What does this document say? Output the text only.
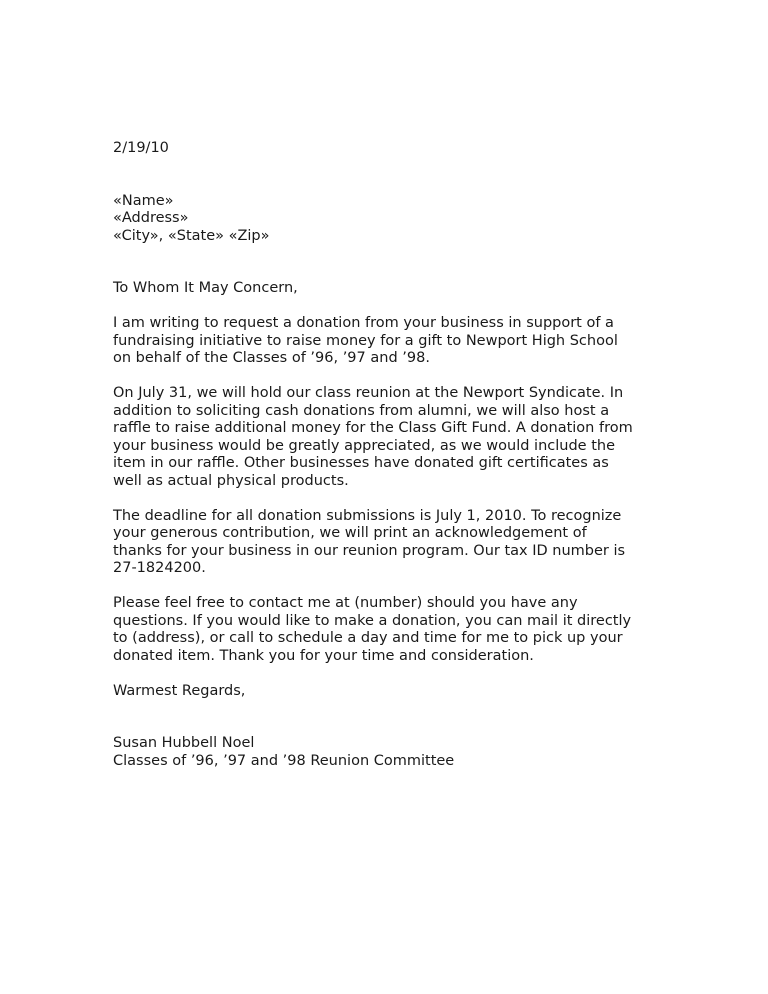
2/19/10
«Name»
«Address»
«City», «State» «Zip»
To Whom It May Concern,
I am writing to request a donation from your business in support of a
fundraising initiative to raise money for a gift to Newport High School
on behalf of the Classes of ’96, ’97 and ’98.
On July 31, we will hold our class reunion at the Newport Syndicate. In
addition to soliciting cash donations from alumni, we will also host a
raffle to raise additional money for the Class Gift Fund. A donation from
your business would be greatly appreciated, as we would include the
item in our raffle. Other businesses have donated gift certificates as
well as actual physical products.
The deadline for all donation submissions is July 1, 2010. To recognize
your generous contribution, we will print an acknowledgement of
thanks for your business in our reunion program. Our tax ID number is
27-1824200.
Please feel free to contact me at (number) should you have any
questions. If you would like to make a donation, you can mail it directly
to (address), or call to schedule a day and time for me to pick up your
donated item. Thank you for your time and consideration.
Warmest Regards,
Susan Hubbell Noel
Classes of ’96, ’97 and ’98 Reunion Committee
